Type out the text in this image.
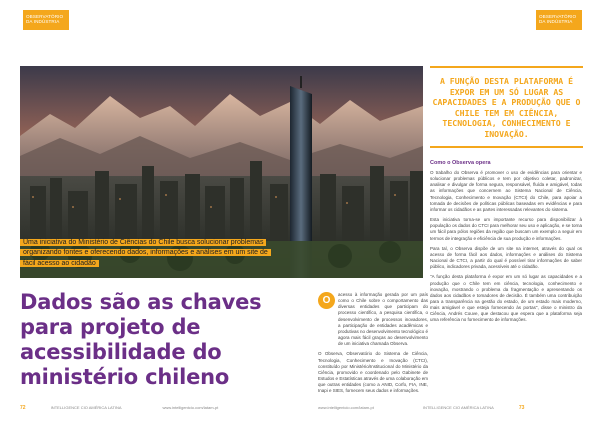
OBSERVATÓRIO DA INDÚSTRIA
OBSERVATÓRIO DA INDÚSTRIA
Uma iniciativa do Ministério de Ciências do Chile busca solucionar problemas organizando fontes e oferecendo dados, informações e análises em um site de fácil acesso ao cidadão
Dados são as chaves para projeto de acessibilidade do ministério chileno
O

acesso à informação gerada por um país como o Chile sobre o comportamento das diversas entidades que participam do processo científico, a pesquisa científica, o desenvolvimento de processos inovadores, a participação de entidades acadêmicas e produtivas no desenvolvimento tecnológico é agora mais fácil graças ao desenvolvimento de um iniciativa chamada Observa.

O Observa, Observatório do Sistema de Ciência, Tecnologia, Conhecimento e Inovação (CTCI), constituído por Ministério/Institucional do Ministério da Ciência, promovido e coordenado pelo Gabinete de Estudos e Estatísticas através de uma colaboração em que outras entidades (como a ANID, Corfo, FIA, INE, Inapi e SIES, fornecem seus dados e informações.

A FUNÇÃO DESTA PLATAFORMA É EXPOR EM UM SÓ LUGAR AS CAPACIDADES E A PRODUÇÃO QUE O CHILE TEM EM CIÊNCIA, TECNOLOGIA, CONHECIMENTO E INOVAÇÃO.
Como o Observa opera

O trabalho do Observa é promover o uso de evidências para orientar e solucionar problemas públicos e tem por objetivo coletar, padronizar, analisar e divulgar de forma segura, responsável, fluída e amigável, todas as informações que concernem ao Sistema Nacional de Ciência, Tecnologia, Conhecimento e Inovação (CTCI) do Chile, para apoiar a tomada de decisões de políticas públicas baseadas em evidências e para informar os cidadãos e as partes interessadas relevantes do sistema.

Esta iniciativa torna-se um importante recurso para disponibilizar à população os dados do CTCI para melhorar seu uso e aplicação, e se torna um fácil para pólos regiões da região que buscam um exemplo a seguir em termos de integração e eficiência de sua produção e informações.

Para tal, o Observa dispõe de um site na internet, através do qual os acesso de forma fácil aos dados, informações e análises do Sistema Nacional de CTCI, a partir do qual é possível tirar informações de saber público, indicadores privada, acessíveis até o cidadão.

"A função desta plataforma é expor em um só lugar as capacidades e a produção que o Chile tem em ciência, tecnologia, conhecimento e inovação, mostrando o problema da fragmentação e apresentando os dados aos cidadãos e tomadores de decisão. É também uma contribuição para a transparência na gestão do estado, de um estado mais moderno, mais amigável e que esteja fornecendo às portas", disse o ministro da Ciência, Andrés Couve, que destacou que espera que a plataforma seja uma referência no fornecimento de informações.

72	INTELLIGENCE CIO AMÉRICA LATINA	www.intelligentcio.com/latam-pt	www.intelligentcio.com/latam-pt	INTELLIGENCE CIO AMÉRICA LATINA	73
